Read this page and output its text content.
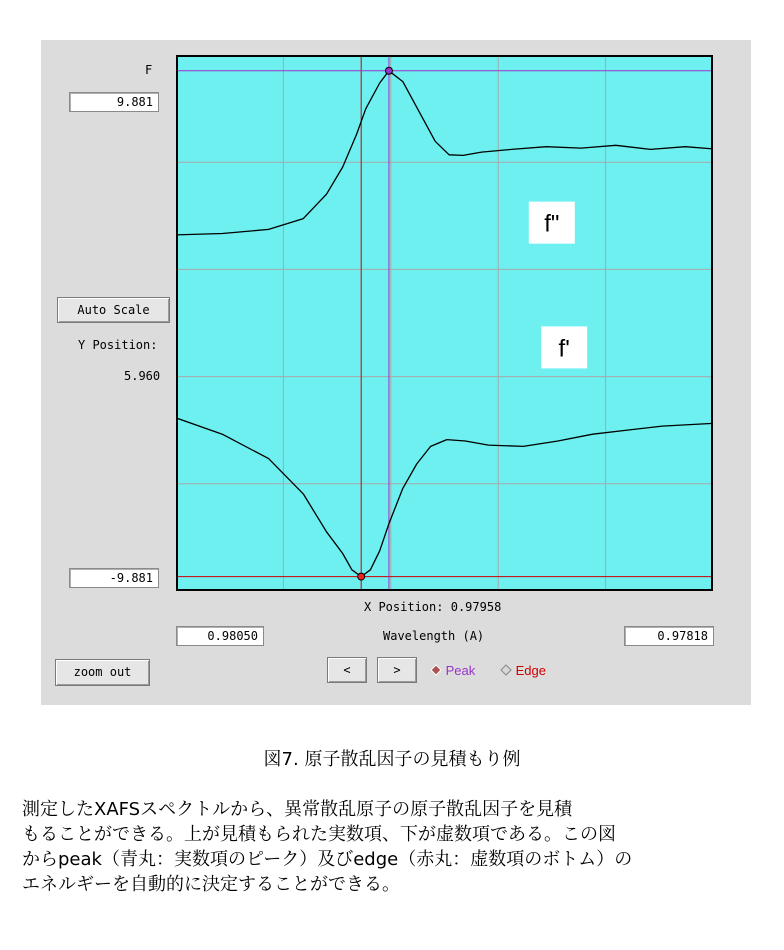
F
9.881
Auto Scale
Y Position:
5.960
-9.881
f"
f'
X Position: 0.97958
0.98050	Wavelength (A)	0.97818
zoom out	<	>	Peak	Edge
図7. 原子散乱因子の見積もり例
測定したXAFSスペクトルから、異常散乱原子の原子散乱因子を見積
もることができる。上が見積もられた実数項、下が虚数項である。この図
からpeak（青丸：実数項のピーク）及びedge（赤丸：虚数項のボトム）の
エネルギーを自動的に決定することができる。
